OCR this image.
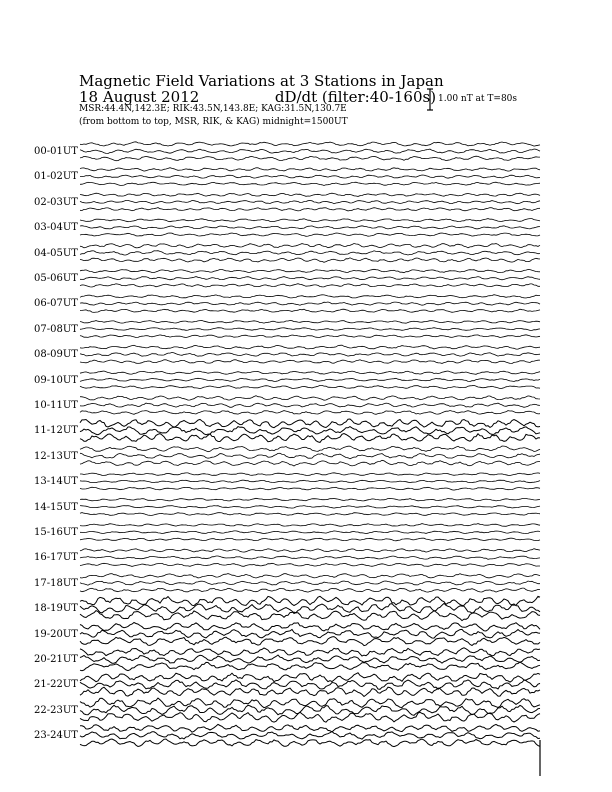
Magnetic Field Variations at 3 Stations in Japan
18 August 2012	dD/dt (filter:40-160s)
MSR:44.4N,142.3E; RIK:43.5N,143.8E; KAG:31.5N,130.7E
(from bottom to top, MSR, RIK, & KAG) midnight=1500UT
1.00 nT at T=80s
00-01UT
01-02UT
02-03UT
03-04UT
04-05UT
05-06UT
06-07UT
07-08UT
08-09UT
09-10UT
10-11UT
11-12UT
12-13UT
13-14UT
14-15UT
15-16UT
16-17UT
17-18UT
18-19UT
19-20UT
20-21UT
21-22UT
22-23UT
23-24UT
